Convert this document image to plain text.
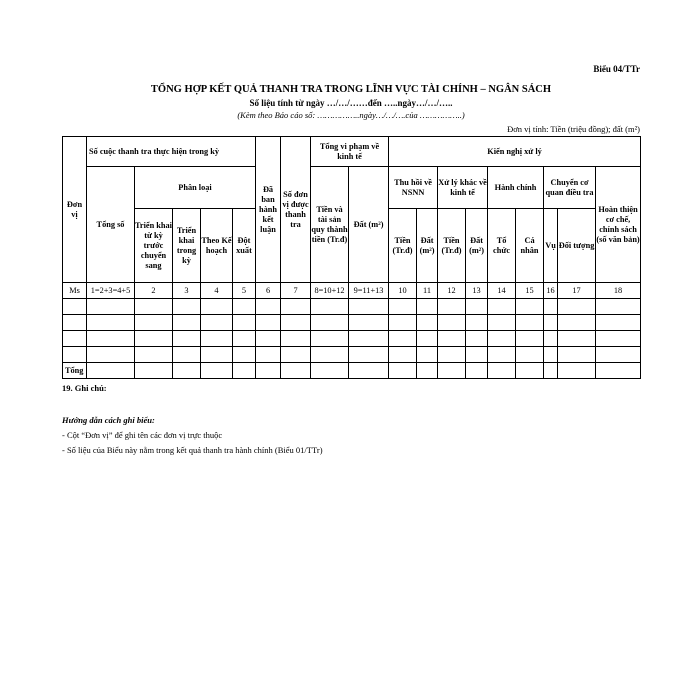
Biểu 04/TTr
TỔNG HỢP KẾT QUẢ THANH TRA TRONG LĨNH VỰC TÀI CHÍNH – NGÂN SÁCH
Số liệu tính từ ngày …/…/……đến …..ngày…/…/…..
(Kèm theo Báo cáo số: ……………..ngày…/…/….của ……………..)
Đơn vị tính: Tiền (triệu đồng); đất (m²)
Đơn vị	Số cuộc thanh tra thực hiện trong kỳ					Đã ban hành kết luận	Số đơn vị được thanh tra	Tổng vi phạm về kinh tế		Kiến nghị xử lý								
	Tổng số	Phân loại						Tiền và tài sản quy thành tiền (Tr.đ)	Đất (m²)	Thu hồi về NSNN		Xử lý khác về kinh tế		Hành chính		Chuyển cơ quan điều tra		Hoàn thiện cơ chế, chính sách (số văn bản)
		Triển khai từ kỳ trước chuyển sang	Triển khai trong kỳ	Theo Kế hoạch	Đột xuất					Tiền (Tr.đ)	Đất (m²)	Tiền (Tr.đ)	Đất (m²)	Tổ chức	Cá nhân	Vụ	Đối tượng	

Ms	1=2+3=4+5	2	3	4	5	6	7	8=10+12	9=11+13	10	11	12	13	14	15	16	17	18

Tổng																		
19. Ghi chú:
Hướng dẫn cách ghi biểu:
- Cột “Đơn vị” để ghi tên các đơn vị trực thuộc
- Số liệu của Biểu này nằm trong kết quả thanh tra hành chính (Biểu 01/TTr)
